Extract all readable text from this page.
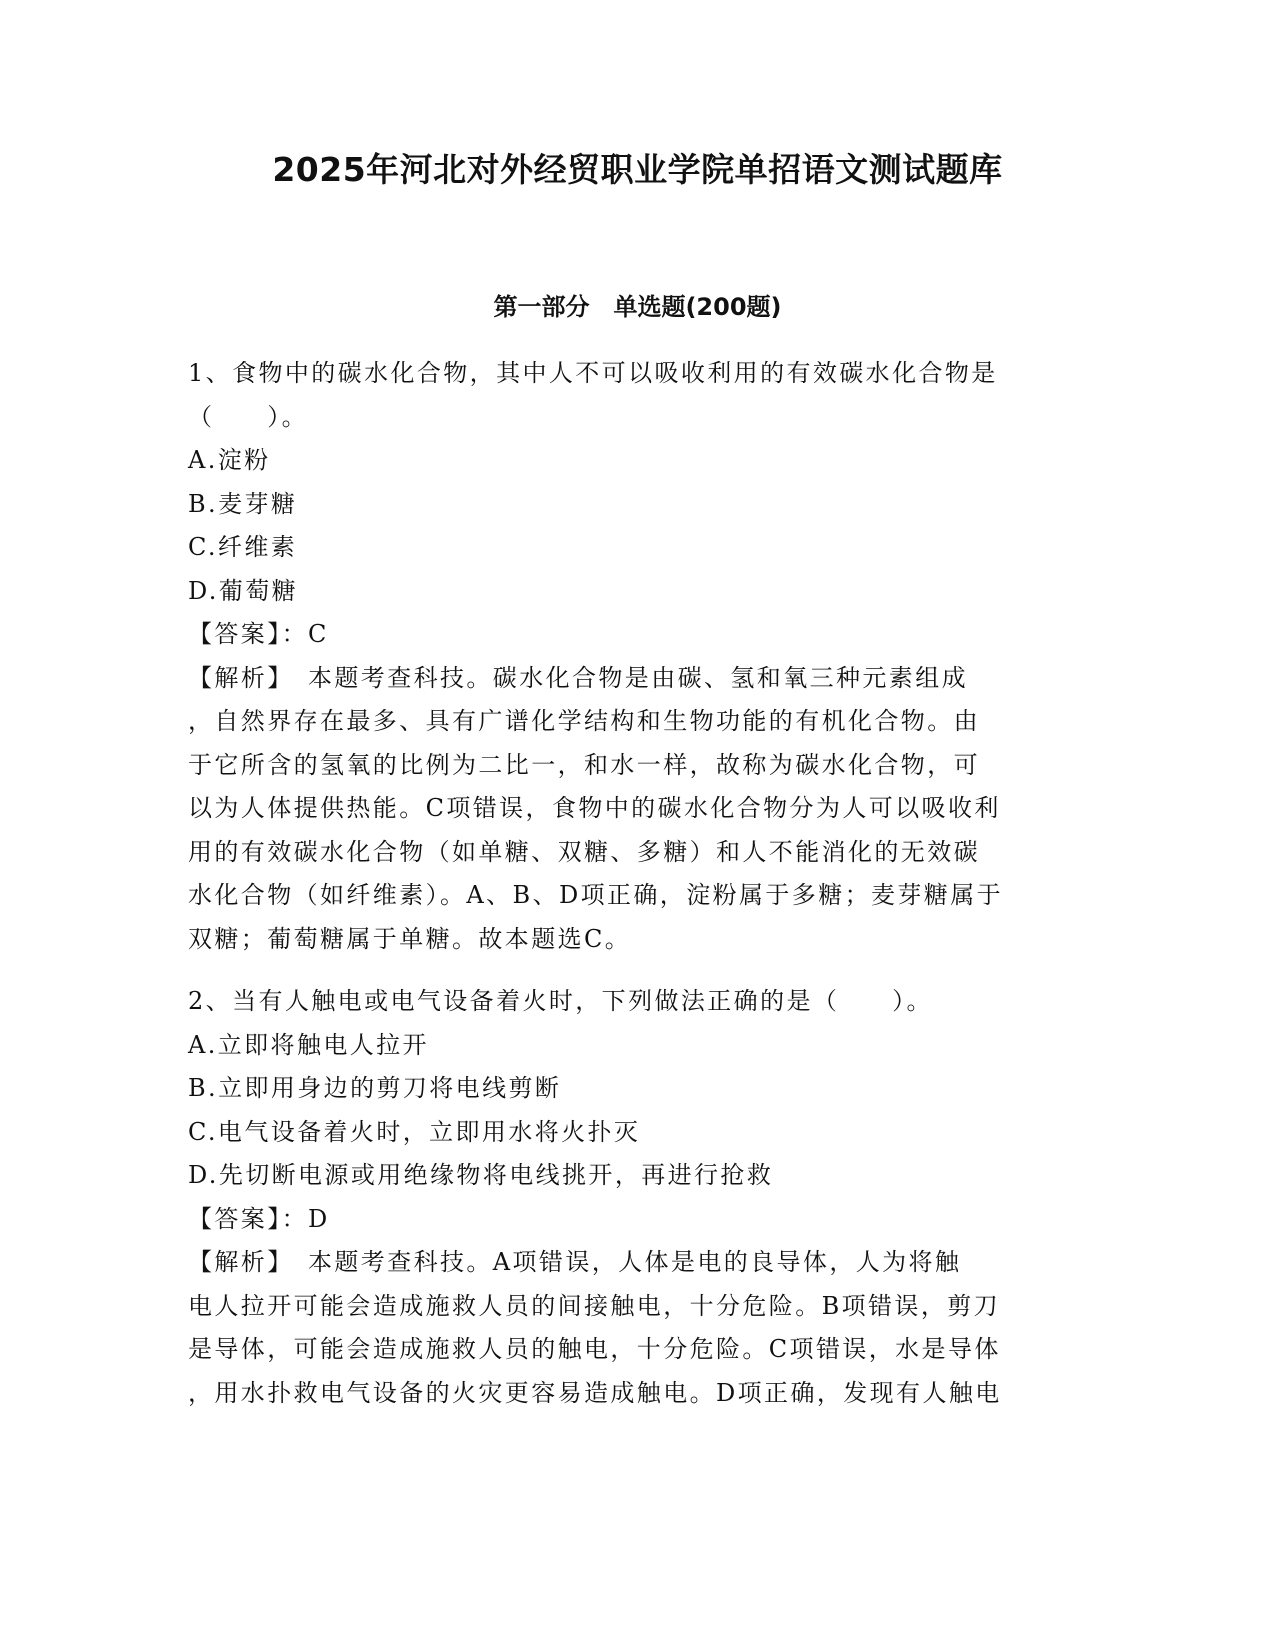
2025年河北对外经贸职业学院单招语文测试题库
第一部分　单选题(200题)
1、食物中的碳水化合物，其中人不可以吸收利用的有效碳水化合物是
（　　）。
A.淀粉
B.麦芽糖
C.纤维素
D.葡萄糖
【答案】：C
【解析】　本题考查科技。碳水化合物是由碳、氢和氧三种元素组成
，自然界存在最多、具有广谱化学结构和生物功能的有机化合物。由
于它所含的氢氧的比例为二比一，和水一样，故称为碳水化合物，可
以为人体提供热能。C项错误，食物中的碳水化合物分为人可以吸收利
用的有效碳水化合物（如单糖、双糖、多糖）和人不能消化的无效碳
水化合物（如纤维素）。A、B、D项正确，淀粉属于多糖；麦芽糖属于
双糖；葡萄糖属于单糖。故本题选C。
2、当有人触电或电气设备着火时，下列做法正确的是（　　）。
A.立即将触电人拉开
B.立即用身边的剪刀将电线剪断
C.电气设备着火时，立即用水将火扑灭
D.先切断电源或用绝缘物将电线挑开，再进行抢救
【答案】：D
【解析】　本题考查科技。A项错误，人体是电的良导体，人为将触
电人拉开可能会造成施救人员的间接触电，十分危险。B项错误，剪刀
是导体，可能会造成施救人员的触电，十分危险。C项错误，水是导体
，用水扑救电气设备的火灾更容易造成触电。D项正确，发现有人触电
